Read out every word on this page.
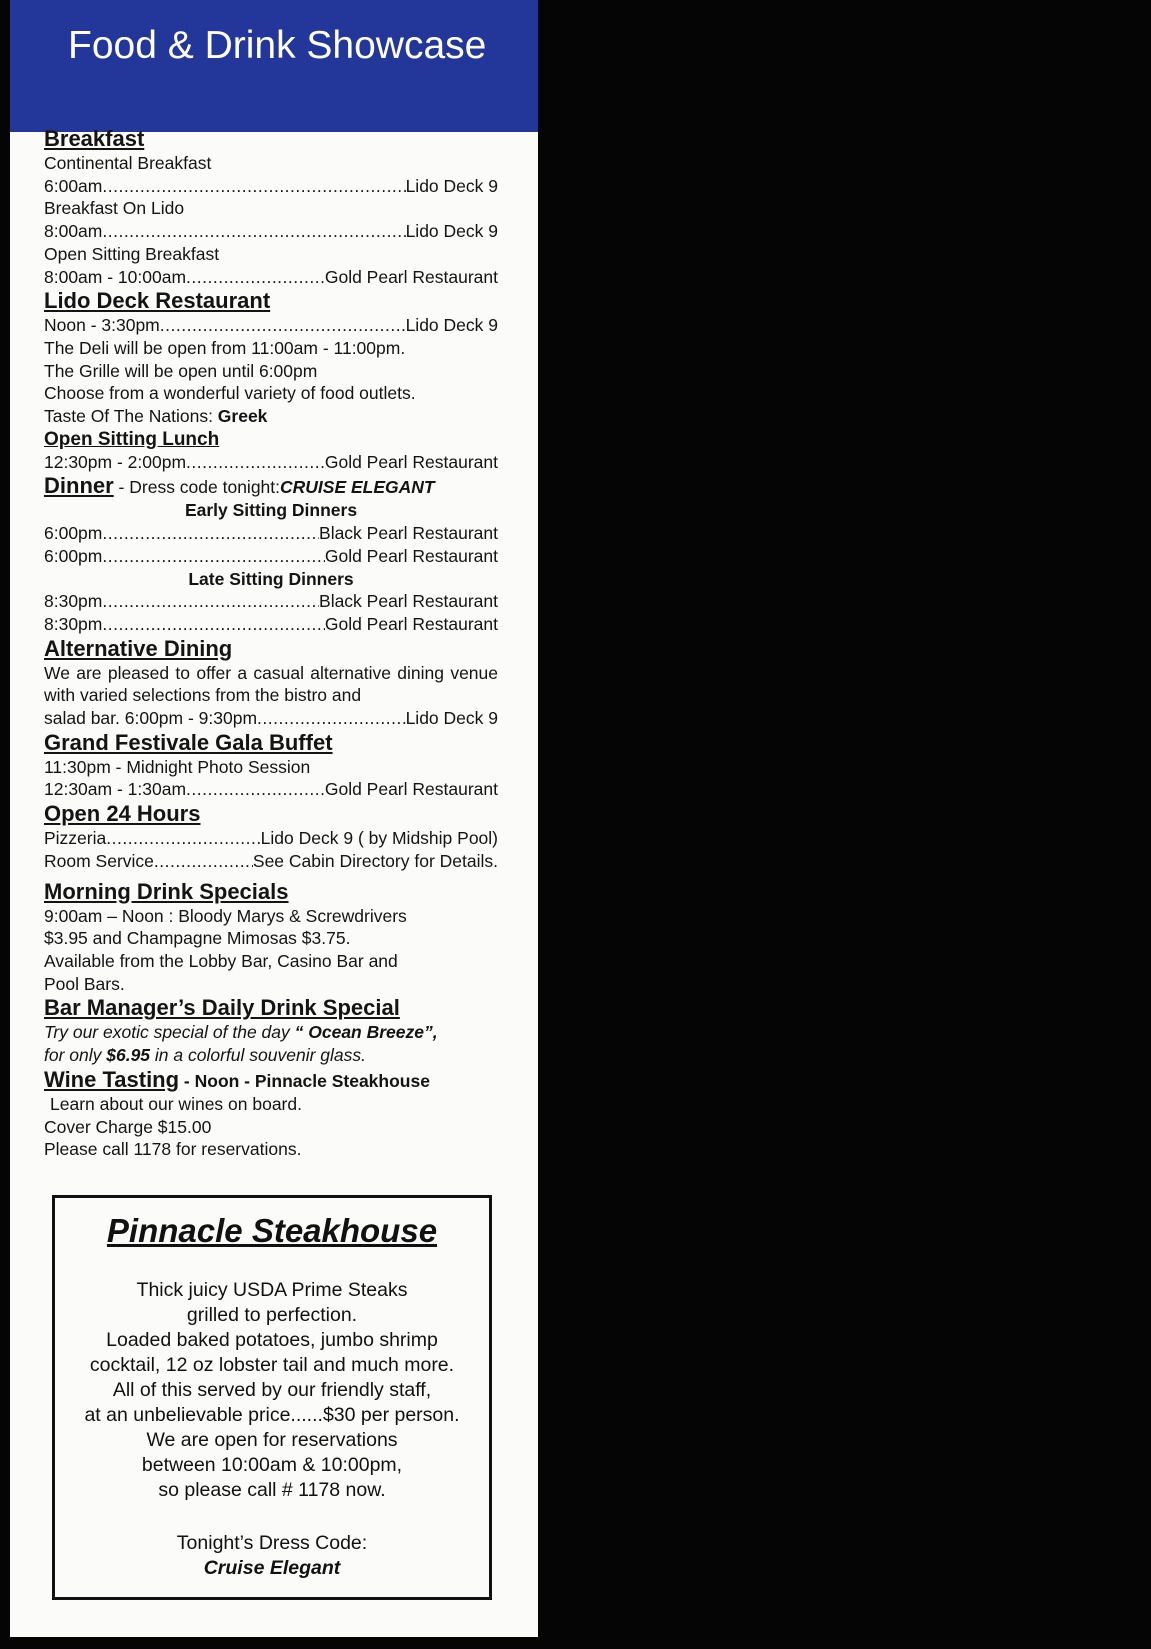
Food & Drink Showcase
Breakfast
Continental Breakfast
6:00am .....	Lido Deck 9
Breakfast On Lido
8:00am .....	Lido Deck 9
Open Sitting Breakfast
8:00am - 10:00am .....	Gold Pearl Restaurant
Lido Deck Restaurant
Noon - 3:30pm .....	Lido Deck 9
The Deli will be open from 11:00am - 11:00pm.
The Grille will be open until 6:00pm
Choose from a wonderful variety of food outlets.
Taste Of The Nations: Greek
Open Sitting Lunch
12:30pm - 2:00pm .....	Gold Pearl Restaurant
Dinner - Dress code tonight:CRUISE ELEGANT
Early Sitting Dinners
6:00pm .....	Black Pearl Restaurant
6:00pm .....	Gold Pearl Restaurant
Late Sitting Dinners
8:30pm .....	Black Pearl Restaurant
8:30pm .....	Gold Pearl Restaurant
Alternative Dining
We are pleased to offer a casual alternative dining venue with varied selections from the bistro and
salad bar. 6:00pm - 9:30pm .....	Lido Deck 9
Grand Festivale Gala Buffet
11:30pm - Midnight Photo Session
12:30am - 1:30am .....	Gold Pearl Restaurant
Open 24 Hours
Pizzeria .....	Lido Deck 9 ( by Midship Pool)
Room Service .....	See Cabin Directory for Details.
Morning Drink Specials
9:00am – Noon : Bloody Marys & Screwdrivers
$3.95 and Champagne Mimosas $3.75.
Available from the Lobby Bar, Casino Bar and
Pool Bars.
Bar Manager’s Daily Drink Special
Try our exotic special of the day “ Ocean Breeze”,
for only $6.95 in a colorful souvenir glass.
Wine Tasting - Noon - Pinnacle Steakhouse
Learn about our wines on board.
Cover Charge $15.00
Please call 1178 for reservations.
Pinnacle Steakhouse
Thick juicy USDA Prime Steaks
grilled to perfection.
Loaded baked potatoes, jumbo shrimp
cocktail, 12 oz lobster tail and much more.
All of this served by our friendly staff,
at an unbelievable price......$30 per person.
We are open for reservations
between 10:00am & 10:00pm,
so please call # 1178 now.
Tonight’s Dress Code:
Cruise Elegant
